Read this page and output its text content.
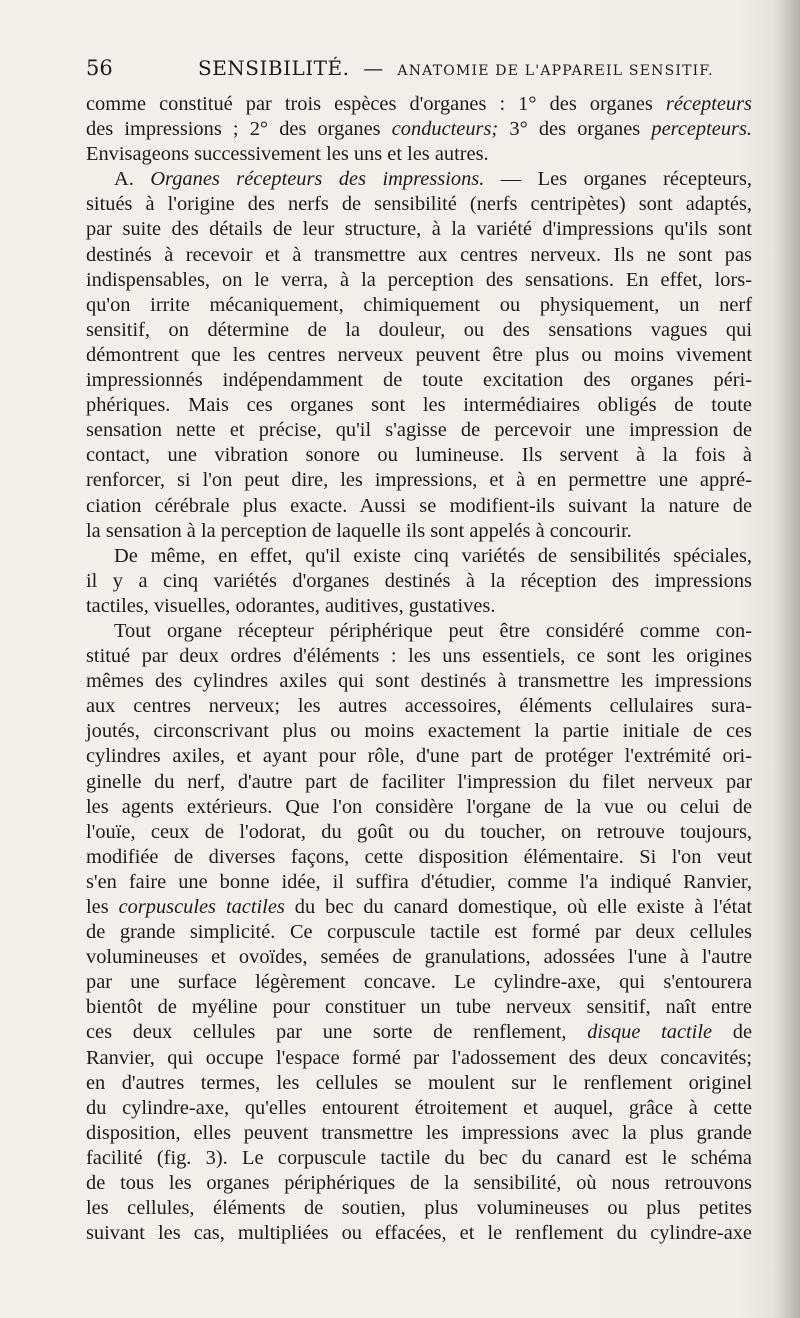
56	SENSIBILITÉ. — ANATOMIE DE L'APPAREIL SENSITIF.

comme constitué par trois espèces d'organes : 1° des organes récepteurs

des impressions ; 2° des organes conducteurs; 3° des organes percepteurs.

Envisageons successivement les uns et les autres.

A. Organes récepteurs des impressions. — Les organes récepteurs,

situés à l'origine des nerfs de sensibilité (nerfs centripètes) sont adaptés,

par suite des détails de leur structure, à la variété d'impressions qu'ils sont

destinés à recevoir et à transmettre aux centres nerveux. Ils ne sont pas

indispensables, on le verra, à la perception des sensations. En effet, lors-

qu'on irrite mécaniquement, chimiquement ou physiquement, un nerf

sensitif, on détermine de la douleur, ou des sensations vagues qui

démontrent que les centres nerveux peuvent être plus ou moins vivement

impressionnés indépendamment de toute excitation des organes péri-

phériques. Mais ces organes sont les intermédiaires obligés de toute

sensation nette et précise, qu'il s'agisse de percevoir une impression de

contact, une vibration sonore ou lumineuse. Ils servent à la fois à

renforcer, si l'on peut dire, les impressions, et à en permettre une appré-

ciation cérébrale plus exacte. Aussi se modifient-ils suivant la nature de

la sensation à la perception de laquelle ils sont appelés à concourir.

De même, en effet, qu'il existe cinq variétés de sensibilités spéciales,

il y a cinq variétés d'organes destinés à la réception des impressions

tactiles, visuelles, odorantes, auditives, gustatives.

Tout organe récepteur périphérique peut être considéré comme con-

stitué par deux ordres d'éléments : les uns essentiels, ce sont les origines

mêmes des cylindres axiles qui sont destinés à transmettre les impressions

aux centres nerveux; les autres accessoires, éléments cellulaires sura-

joutés, circonscrivant plus ou moins exactement la partie initiale de ces

cylindres axiles, et ayant pour rôle, d'une part de protéger l'extrémité ori-

ginelle du nerf, d'autre part de faciliter l'impression du filet nerveux par

les agents extérieurs. Que l'on considère l'organe de la vue ou celui de

l'ouïe, ceux de l'odorat, du goût ou du toucher, on retrouve toujours,

modifiée de diverses façons, cette disposition élémentaire. Si l'on veut

s'en faire une bonne idée, il suffira d'étudier, comme l'a indiqué Ranvier,

les corpuscules tactiles du bec du canard domestique, où elle existe à l'état

de grande simplicité. Ce corpuscule tactile est formé par deux cellules

volumineuses et ovoïdes, semées de granulations, adossées l'une à l'autre

par une surface légèrement concave. Le cylindre-axe, qui s'entourera

bientôt de myéline pour constituer un tube nerveux sensitif, naît entre

ces deux cellules par une sorte de renflement, disque tactile de

Ranvier, qui occupe l'espace formé par l'adossement des deux concavités;

en d'autres termes, les cellules se moulent sur le renflement originel

du cylindre-axe, qu'elles entourent étroitement et auquel, grâce à cette

disposition, elles peuvent transmettre les impressions avec la plus grande

facilité (fig. 3). Le corpuscule tactile du bec du canard est le schéma

de tous les organes périphériques de la sensibilité, où nous retrouvons

les cellules, éléments de soutien, plus volumineuses ou plus petites

suivant les cas, multipliées ou effacées, et le renflement du cylindre-axe
